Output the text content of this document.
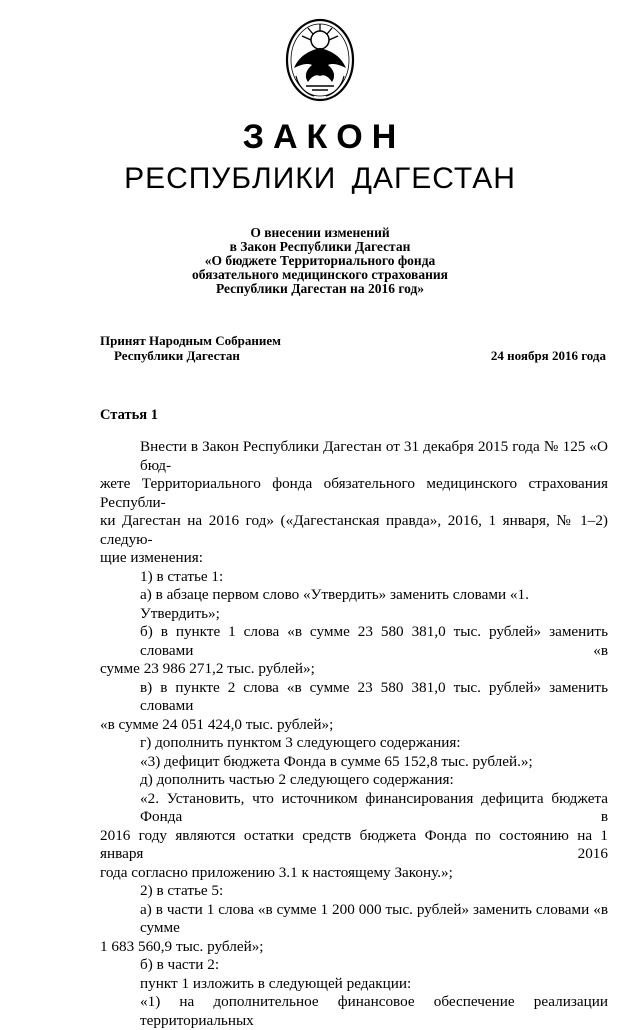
ЗАКОН
РЕСПУБЛИКИ ДАГЕСТАН
О внесении изменений
в Закон Республики Дагестан
«О бюджете Территориального фонда
обязательного медицинского страхования
Республики Дагестан на 2016 год»
Принят Народным Собранием
Республики Дагестан	24 ноября 2016 года
Статья 1
Внести в Закон Республики Дагестан от 31 декабря 2015 года № 125 «О бюд-
жете Территориального фонда обязательного медицинского страхования Республи-
ки Дагестан на 2016 год» («Дагестанская правда», 2016, 1 января, № 1–2) следую-
щие изменения:
1) в статье 1:
а) в абзаце первом слово «Утвердить» заменить словами «1. Утвердить»;
б) в пункте 1 слова «в сумме 23 580 381,0 тыс. рублей» заменить словами «в
сумме 23 986 271,2 тыс. рублей»;
в) в пункте 2 слова «в сумме 23 580 381,0 тыс. рублей» заменить словами
«в сумме 24 051 424,0 тыс. рублей»;
г) дополнить пунктом 3 следующего содержания:
«3) дефицит бюджета Фонда в сумме 65 152,8 тыс. рублей.»;
д) дополнить частью 2 следующего содержания:
«2. Установить, что источником финансирования дефицита бюджета Фонда в
2016 году являются остатки средств бюджета Фонда по состоянию на 1 января 2016
года согласно приложению 3.1 к настоящему Закону.»;
2) в статье 5:
а) в части 1 слова «в сумме 1 200 000 тыс. рублей» заменить словами «в сумме
1 683 560,9 тыс. рублей»;
б) в части 2:
пункт 1 изложить в следующей редакции:
«1) на дополнительное финансовое обеспечение реализации территориальных
